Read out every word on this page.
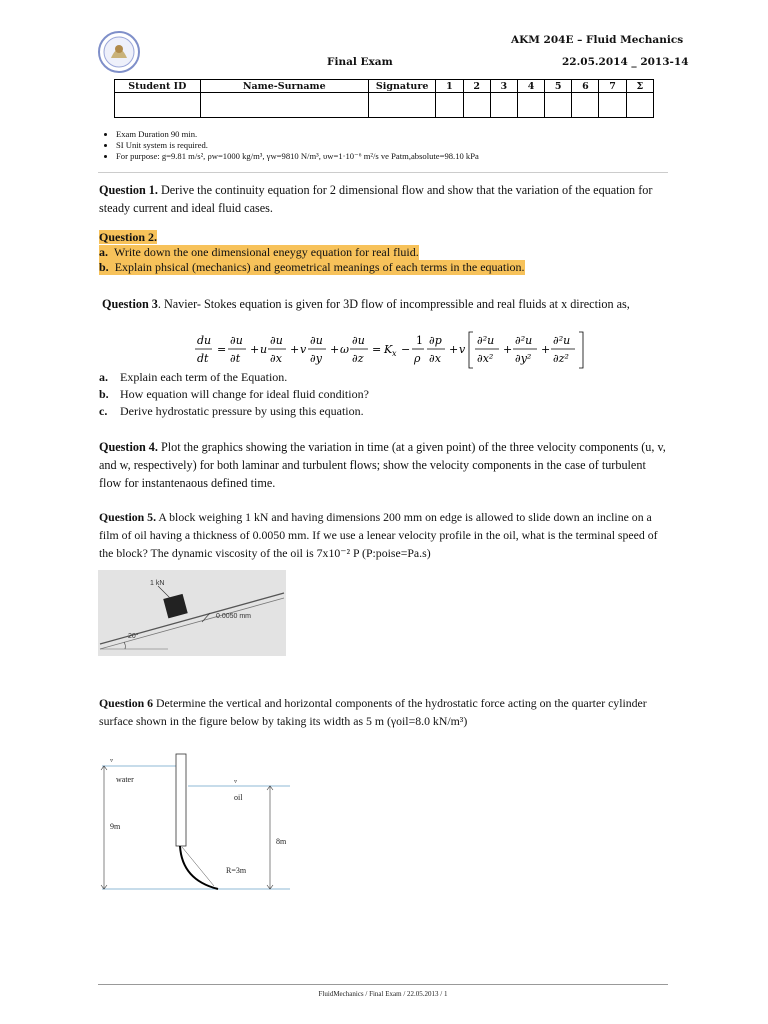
AKM 204E – Fluid Mechanics
Final Exam	22.05.2014 _ 2013-14
Student ID	Name-Surname	Signature	1	2	3	4	5	6	7	Σ

• Exam Duration 90 min.
• SI Unit system is required.
• For purpose: g=9.81 m/s², ρw=1000 kg/m³, γw=9810 N/m³, υw=1·10⁻⁶ m²/s ve Patm,absolute=98.10 kPa
Question 1. Derive the continuity equation for 2 dimensional flow and show that the variation of the equation for steady current and ideal fluid cases.
Question 2.
a. Write down the one dimensional eneygy equation for real fluid.
b. Explain phsical (mechanics) and geometrical meanings of each terms in the equation.
Question 3. Navier- Stokes equation is given for 3D flow of incompressible and real fluids at x direction as,
du
dt
=
∂u
∂t
+ u
∂u
∂x
+ v
∂u
∂y
+ ω
∂u
∂z
= K x −
1
ρ
∂p
∂x
+ v
∂²u
∂x²
+
∂²u
∂y²
+
∂²u
∂z²
a. Explain each term of the Equation.
b. How equation will change for ideal fluid condition?
c. Derive hydrostatic pressure by using this equation.
Question 4. Plot the graphics showing the variation in time (at a given point) of the three velocity components (u, v, and w, respectively) for both laminar and turbulent flows; show the velocity components in the case of turbulent flow for instantenaous defined time.
Question 5. A block weighing 1 kN and having dimensions 200 mm on edge is allowed to slide down an incline on a film of oil having a thickness of 0.0050 mm. If we use a lenear velocity profile in the oil, what is the terminal speed of the block? The dynamic viscosity of the oil is 7x10⁻² P (P:poise=Pa.s)
1 kN
0.0050 mm
20°
Question 6 Determine the vertical and horizontal components of the hydrostatic force acting on the quarter cylinder surface shown in the figure below by taking its width as 5 m (γoil=8.0 kN/m³)
▿
▿
water
oil
9m
8m
R=3m
FluidMechanics / Final Exam / 22.05.2013 / 1
